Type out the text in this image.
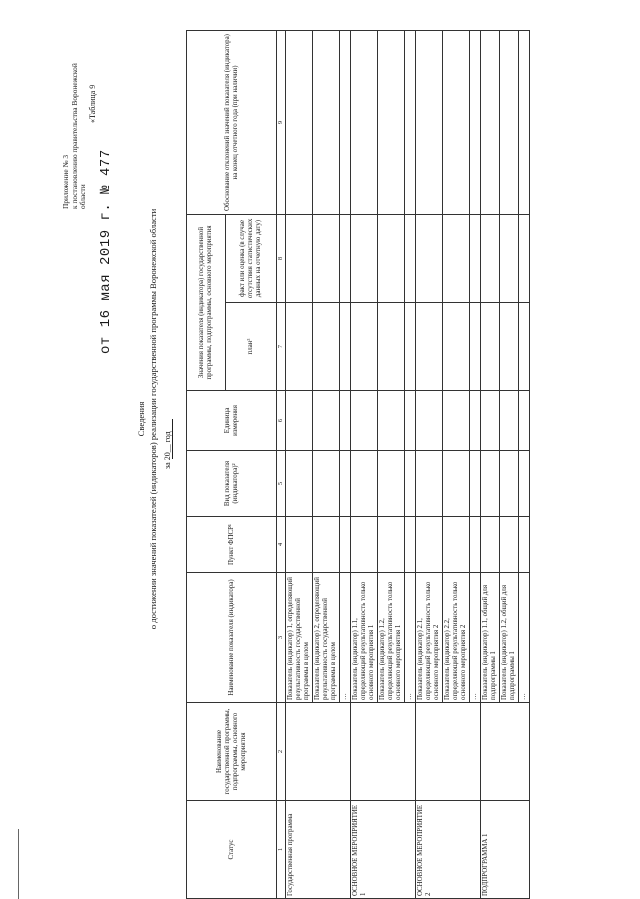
Приложение № 3 к постановлению правительства Воронежской области
«Таблица 9
от 16 мая 2019 г. № 477
Сведения о достижении значений показателей (индикаторов) реализации государственной программы Воронежской области за 20__ год
Статус	Наименование государственной программы, подпрограммы, основного мероприятия	Наименование показателя (индикатора)	Пункт ФПСР¹	Вид показателя (индикатора)²	Единица измерения	Значения показателя (индикатора) государственной программы, подпрограммы, основного мероприятия		Обоснование отклонений значений показателя (индикатора) на конец отчетного года (при наличии)
						план³	факт или оценка (в случае отсутствия статистических данных на отчетную дату)	
1	2	3	4	5	6	7	8	9
Государственная программа		Показатель (индикатор) 1, определяющий результативность государственной программы в целом						
		Показатель (индикатор) 2, определяющий результативность государственной программы в целом						
		…						
ОСНОВНОЕ МЕРОПРИЯТИЕ 1		Показатель (индикатор) 1.1, определяющий результативность только основного мероприятия 1						
		Показатель (индикатор) 1.2, определяющий результативность только основного мероприятия 1						
		…						
ОСНОВНОЕ МЕРОПРИЯТИЕ 2		Показатель (индикатор) 2.1, определяющий результативность только основного мероприятия 2						
		Показатель (индикатор) 2.2, определяющий результативность только основного мероприятия 2						
		…						
ПОДПРОГРАММА 1		Показатель (индикатор) 1.1, общий для подпрограммы 1						
		Показатель (индикатор) 1.2, общий для подпрограммы 1						
		…						
